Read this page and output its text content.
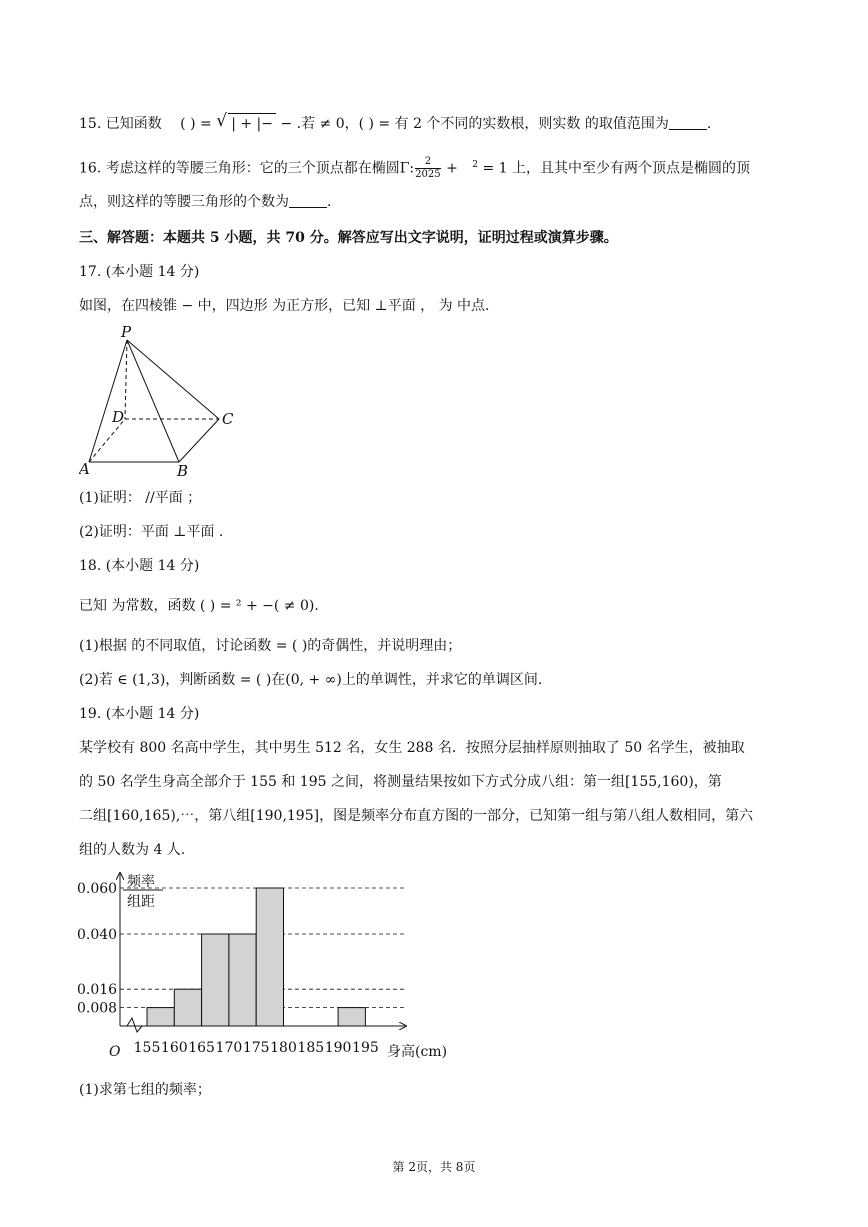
15. 已知函数 ( ) = √ | + |− − .若 ≠ 0，( ) = 有 2 个不同的实数根，则实数 的取值范围为	.
16. 考虑这样的等腰三角形：它的三个顶点都在椭圆Γ: $\frac{2}{2025} + ^2 = 1$ 上，且其中至少有两个顶点是椭圆的顶
点，则这样的等腰三角形的个数为	.
三、解答题：本题共 5 小题，共 70 分。解答应写出文字说明，证明过程或演算步骤。
17. (本小题 14 分)
如图，在四棱锥 − 中，四边形 为正方形，已知 ⊥平面 ， 为 中点.
P
D	C
A	B
(1)证明： //平面 ；
(2)证明：平面 ⊥平面 .
18. (本小题 14 分)
已知 为常数，函数 ( ) = ² + −( ≠ 0).
(1)根据 的不同取值，讨论函数 = ( )的奇偶性，并说明理由；
(2)若 ∈ (1,3)，判断函数 = ( )在(0, + ∞)上的单调性，并求它的单调区间.
19. (本小题 14 分)
某学校有 800 名高中学生，其中男生 512 名，女生 288 名．按照分层抽样原则抽取了 50 名学生，被抽取
的 50 名学生身高全部介于 155 和 195 之间，将测量结果按如下方式分成八组：第一组[155,160)，第
二组[160,165),⋯，第八组[190,195]，图是频率分布直方图的一部分，已知第一组与第八组人数相同，第六
组的人数为 4 人.
频率
组距
O	身高(cm)
0.008
0.016
0.040
0.060
155 160 165 170 175 180 185 190 195
(1)求第七组的频率；
第 2页，共 8页
